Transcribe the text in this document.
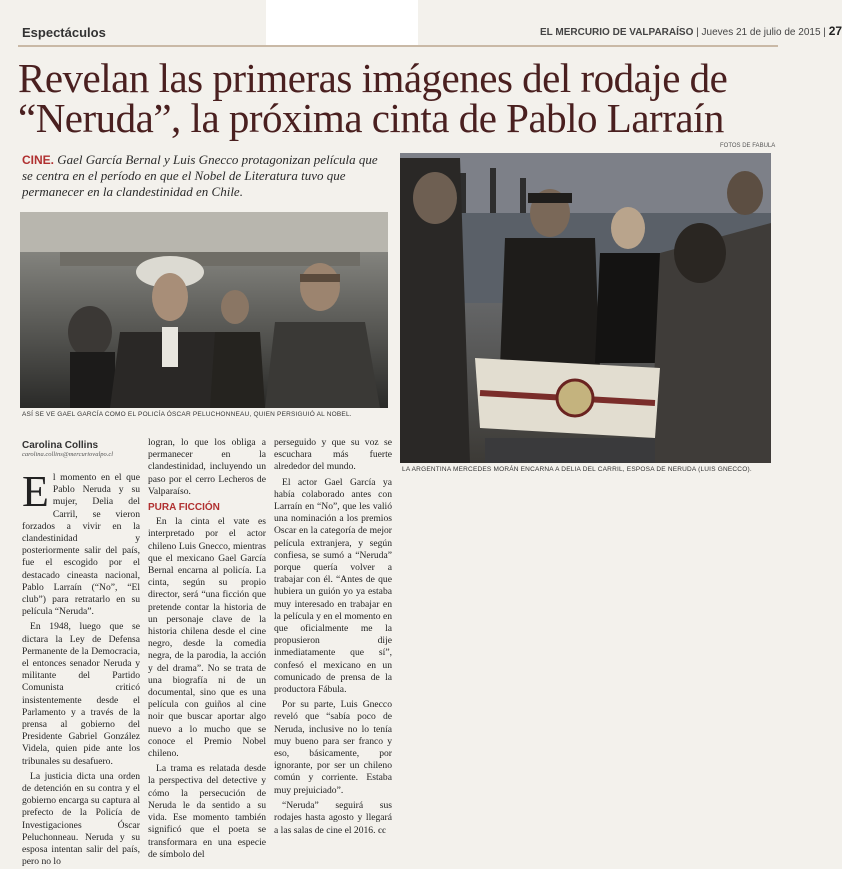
Espectáculos	EL MERCURIO DE VALPARAÍSO | Jueves 21 de julio de 2015 | 27
Revelan las primeras imágenes del rodaje de “Neruda”, la próxima cinta de Pablo Larraín
FOTOS DE FABULA
CINE. Gael García Bernal y Luis Gnecco protagonizan película que se centra en el período en que el Nobel de Literatura tuvo que permanecer en la clandestinidad en Chile.
ASÍ SE VE GAEL GARCÍA COMO EL POLICÍA ÓSCAR PELUCHONNEAU, QUIEN PERSIGUIÓ AL NOBEL.
LA ARGENTINA MERCEDES MORÁN ENCARNA A DELIA DEL CARRIL, ESPOSA DE NERUDA (LUIS GNECCO).
Carolina Collins
carolina.collins@mercuriovalpo.cl

El momento en el que Pablo Neruda y su mujer, Delia del Carril, se vieron forzados a vivir en la clandestinidad y posteriormente salir del país, fue el escogido por el destacado cineasta nacional, Pablo Larraín (“No”, “El club”) para retratarlo en su película “Neruda”.

En 1948, luego que se dictara la Ley de Defensa Permanente de la Democracia, el entonces senador Neruda y militante del Partido Comunista criticó insistentemente desde el Parlamento y a través de la prensa al gobierno del Presidente Gabriel González Videla, quien pide ante los tribunales su desafuero.

La justicia dicta una orden de detención en su contra y el gobierno encarga su captura al prefecto de la Policía de Investigaciones Óscar Peluchonneau. Neruda y su esposa intentan salir del país, pero no lo

logran, lo que los obliga a permanecer en la clandestinidad, incluyendo un paso por el cerro Lecheros de Valparaíso.

PURA FICCIÓN

En la cinta el vate es interpretado por el actor chileno Luis Gnecco, mientras que el mexicano Gael García Bernal encarna al policía. La cinta, según su propio director, será “una ficción que pretende contar la historia de un personaje clave de la historia chilena desde el cine negro, desde la comedia negra, de la parodia, la acción y del drama”. No se trata de una biografía ni de un documental, sino que es una película con guiños al cine noir que buscar aportar algo nuevo a lo mucho que se conoce el Premio Nobel chileno.

La trama es relatada desde la perspectiva del detective y cómo la persecución de Neruda le da sentido a su vida. Ese momento también significó que el poeta se transformara en una especie de símbolo del

perseguido y que su voz se escuchara más fuerte alrededor del mundo.

El actor Gael García ya había colaborado antes con Larraín en “No”, que les valió una nominación a los premios Oscar en la categoría de mejor película extranjera, y según confiesa, se sumó a “Neruda” porque quería volver a trabajar con él. “Antes de que hubiera un guión yo ya estaba muy interesado en trabajar en la película y en el momento en que oficialmente me la propusieron dije inmediatamente que sí”, confesó el mexicano en un comunicado de prensa de la productora Fábula.

Por su parte, Luis Gnecco reveló que “sabía poco de Neruda, inclusive no lo tenía muy bueno para ser franco y eso, básicamente, por ignorante, por ser un chileno común y corriente. Estaba muy prejuiciado”.

“Neruda” seguirá sus rodajes hasta agosto y llegará a las salas de cine el 2016. cc
